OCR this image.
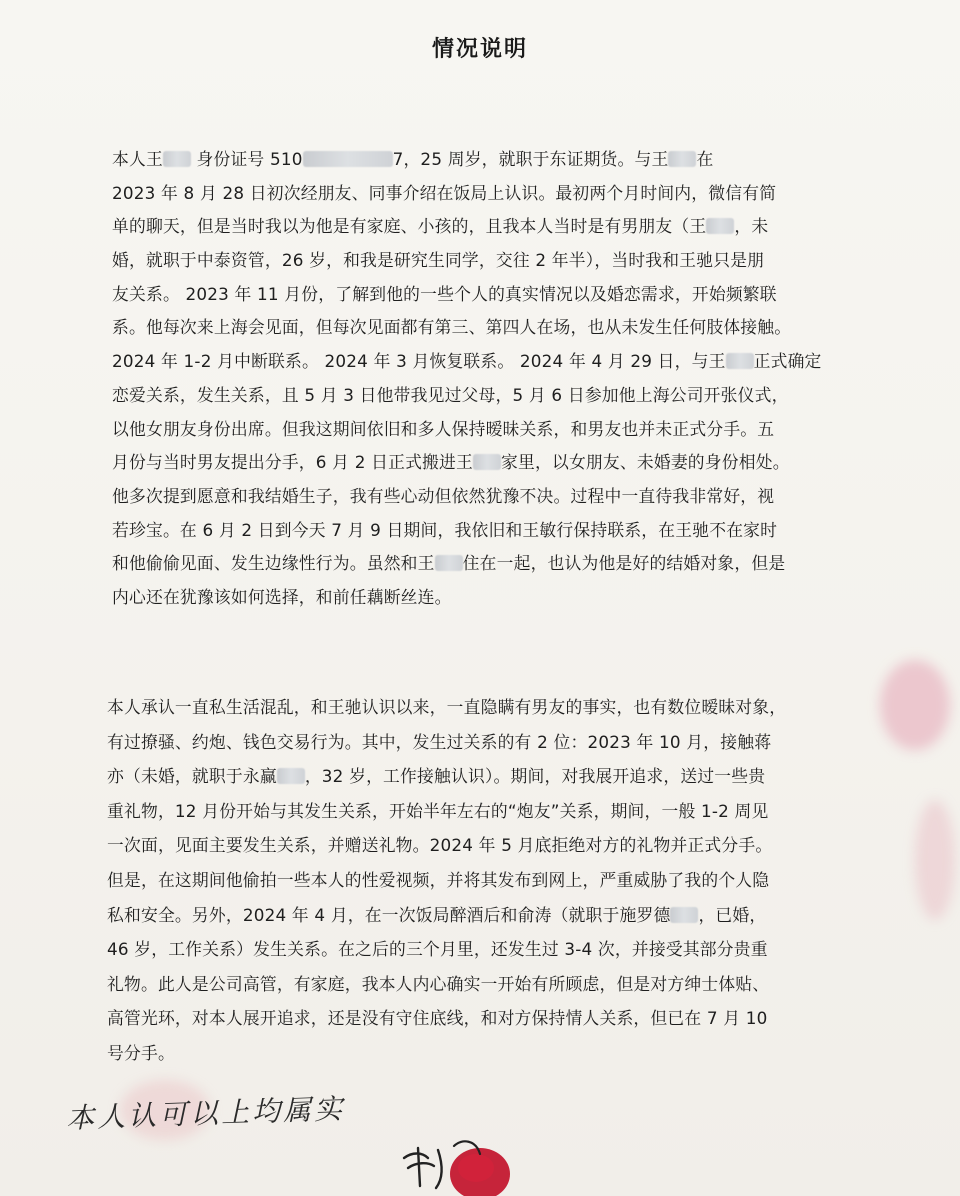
情况说明
本人王 身份证号 510	7，25 周岁，就职于东证期货。与王 在
2023 年 8 月 28 日初次经朋友、同事介绍在饭局上认识。最初两个月时间内，微信有简
单的聊天，但是当时我以为他是有家庭、小孩的，且我本人当时是有男朋友（王 ，未
婚，就职于中泰资管，26 岁，和我是研究生同学，交往 2 年半），当时我和王驰只是朋
友关系。 2023 年 11 月份，了解到他的一些个人的真实情况以及婚恋需求，开始频繁联
系。他每次来上海会见面，但每次见面都有第三、第四人在场，也从未发生任何肢体接触。
2024 年 1-2 月中断联系。 2024 年 3 月恢复联系。 2024 年 4 月 29 日，与王 正式确定
恋爱关系，发生关系，且 5 月 3 日他带我见过父母，5 月 6 日参加他上海公司开张仪式，
以他女朋友身份出席。但我这期间依旧和多人保持暧昧关系，和男友也并未正式分手。五
月份与当时男友提出分手，6 月 2 日正式搬进王 家里，以女朋友、未婚妻的身份相处。
他多次提到愿意和我结婚生子，我有些心动但依然犹豫不决。过程中一直待我非常好，视
若珍宝。在 6 月 2 日到今天 7 月 9 日期间，我依旧和王敏行保持联系，在王驰不在家时
和他偷偷见面、发生边缘性行为。虽然和王 住在一起，也认为他是好的结婚对象，但是
内心还在犹豫该如何选择，和前任藕断丝连。
本人承认一直私生活混乱，和王驰认识以来，一直隐瞒有男友的事实，也有数位暧昧对象，
有过撩骚、约炮、钱色交易行为。其中，发生过关系的有 2 位：2023 年 10 月，接触蒋
亦（未婚，就职于永赢 ，32 岁，工作接触认识）。期间，对我展开追求，送过一些贵
重礼物，12 月份开始与其发生关系，开始半年左右的“炮友”关系，期间，一般 1-2 周见
一次面，见面主要发生关系，并赠送礼物。2024 年 5 月底拒绝对方的礼物并正式分手。
但是，在这期间他偷拍一些本人的性爱视频，并将其发布到网上，严重威胁了我的个人隐
私和安全。另外，2024 年 4 月，在一次饭局醉酒后和俞涛（就职于施罗德 ，已婚，
46 岁，工作关系）发生关系。在之后的三个月里，还发生过 3-4 次，并接受其部分贵重
礼物。此人是公司高管，有家庭，我本人内心确实一开始有所顾虑，但是对方绅士体贴、
高管光环，对本人展开追求，还是没有守住底线，和对方保持情人关系，但已在 7 月 10
号分手。
本人认可以上均属实
